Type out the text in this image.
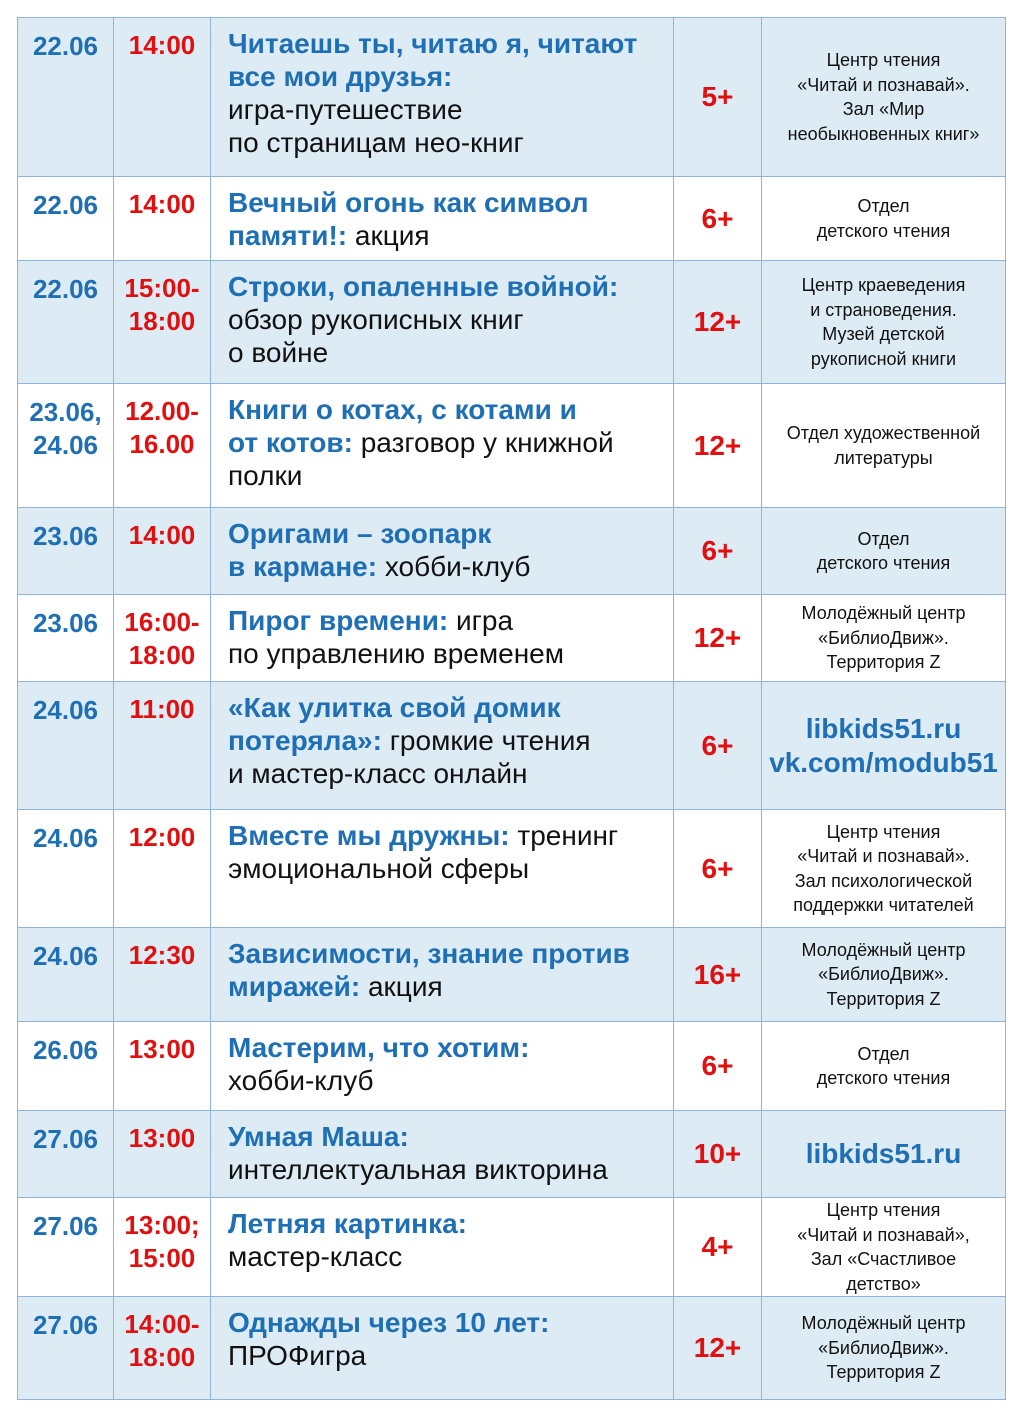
22.06	14:00	Читаешь ты, читаю я, читают
все мои друзья:
игра-путешествие
по страницам нео-книг	5+	Центр чтения
«Читай и познавай».
Зал «Мир
необыкновенных книг»
22.06	14:00	Вечный огонь как символ
памяти!: акция	6+	Отдел
детского чтения
22.06	15:00-
18:00	Строки, опаленные войной:
обзор рукописных книг
о войне	12+	Центр краеведения
и страноведения.
Музей детской
рукописной книги
23.06,
24.06	12.00-
16.00	Книги о котах, с котами и
от котов: разговор у книжной
полки	12+	Отдел художественной
литературы
23.06	14:00	Оригами – зоопарк
в кармане: хобби-клуб	6+	Отдел
детского чтения
23.06	16:00-
18:00	Пирог времени: игра
по управлению временем	12+	Молодёжный центр
«БиблиоДвиж».
Территория Z
24.06	11:00	«Как улитка свой домик
потеряла»: громкие чтения
и мастер-класс онлайн	6+	libkids51.ru
vk.com/modub51
24.06	12:00	Вместе мы дружны: тренинг
эмоциональной сферы	6+	Центр чтения
«Читай и познавай».
Зал психологической
поддержки читателей
24.06	12:30	Зависимости, знание против
миражей: акция	16+	Молодёжный центр
«БиблиоДвиж».
Территория Z
26.06	13:00	Мастерим, что хотим:
хобби-клуб	6+	Отдел
детского чтения
27.06	13:00	Умная Маша:
интеллектуальная викторина	10+	libkids51.ru
27.06	13:00;
15:00	Летняя картинка:
мастер-класс	4+	Центр чтения
«Читай и познавай»,
Зал «Счастливое
детство»
27.06	14:00-
18:00	Однажды через 10 лет:
ПРОФигра	12+	Молодёжный центр
«БиблиоДвиж».
Территория Z
